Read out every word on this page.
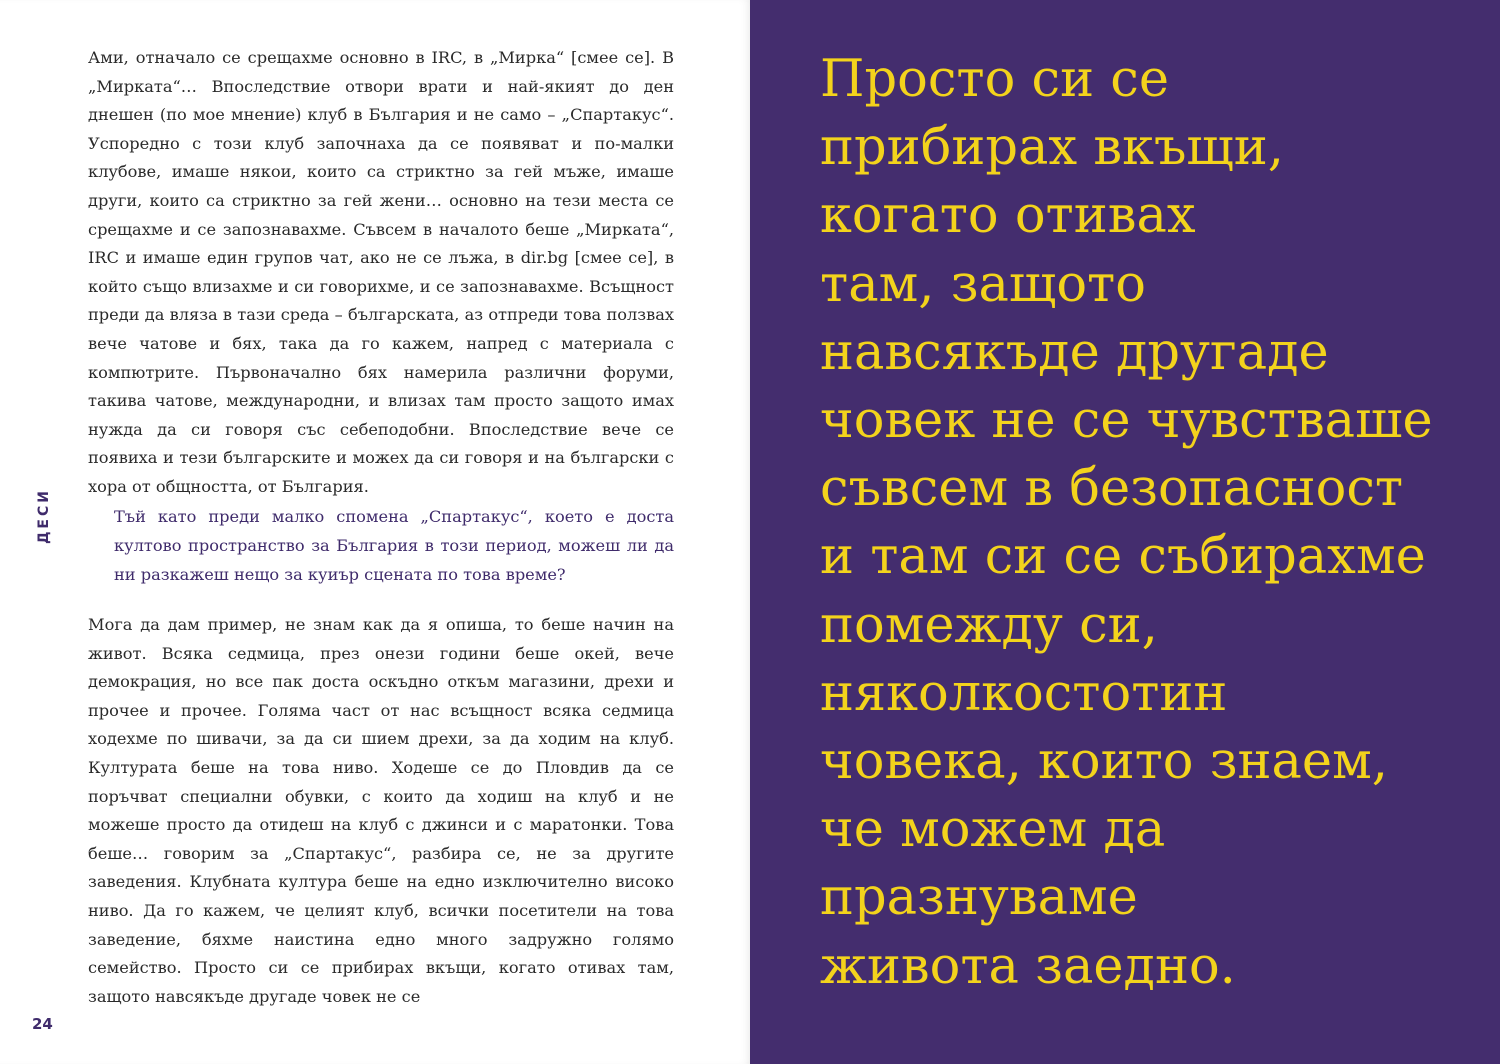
Ами, отначало се срещахме основно в IRC, в „Мирка“ [смее се]. В „Миркатa“… Впоследствие отвори врати и най-якият до ден днешен (по мое мнение) клуб в България и не само – „Спартакус“. Успоредно с този клуб започнаха да се появяват и по-малки клубове, имаше някои, които са стриктно за гей мъже, имаше други, които са стриктно за гей жени… основно на тези места се срещахме и се запознавахме. Съвсем в началото беше „Миркатa“, IRC и имаше един групов чат, ако не се лъжа, в dir.bg [смее се], в който също влизахме и си говорихме, и се запознавахме. Всъщност преди да вляза в тази среда – българската, аз отпреди това ползвах вече чатове и бях, така да го кажем, напред с материала с компютрите. Първоначално бях намерила различни форуми, такива чатове, международни, и влизах там просто защото имах нужда да си говоря със себеподобни. Впоследствие вече се появиха и тези българските и можех да си говоря и на български с хора от общността, от България.

Тъй като преди малко спомена „Спартакус“, което е доста култово пространство за България в този период, можеш ли да ни разкажеш нещо за куиър сцената по това време?

Мога да дам пример, не знам как да я опиша, то беше начин на живот. Всяка седмица, през онези години беше окей, вече демокрация, но все пак доста оскъдно откъм магазини, дрехи и прочее и прочее. Голяма част от нас всъщност всяка седмица ходехме по шивачи, за да си шием дрехи, за да ходим на клуб. Културата беше на това ниво. Ходеше се до Пловдив да се поръчват специални обувки, с които да ходиш на клуб и не можеше просто да отидеш на клуб с джинси и с маратонки. Това беше… говорим за „Спартакус“, разбира се, не за другите заведения. Клубната култура беше на едно изключително високо ниво. Да го кажем, че целият клуб, всички посетители на това заведение, бяхме наистина едно много задружно голямо семейство. Просто си се прибирах вкъщи, когато отивах там, защото навсякъде другаде човек не се

ДЕСИ
24

Просто си се
прибирах вкъщи,
когато отивах
там, защото
навсякъде другаде
човек не се чувстваше
съвсем в безопасност
и там си се събирахме
помежду си,
няколкостотин
човека, които знаем,
че можем да
празнуваме
живота заедно.
